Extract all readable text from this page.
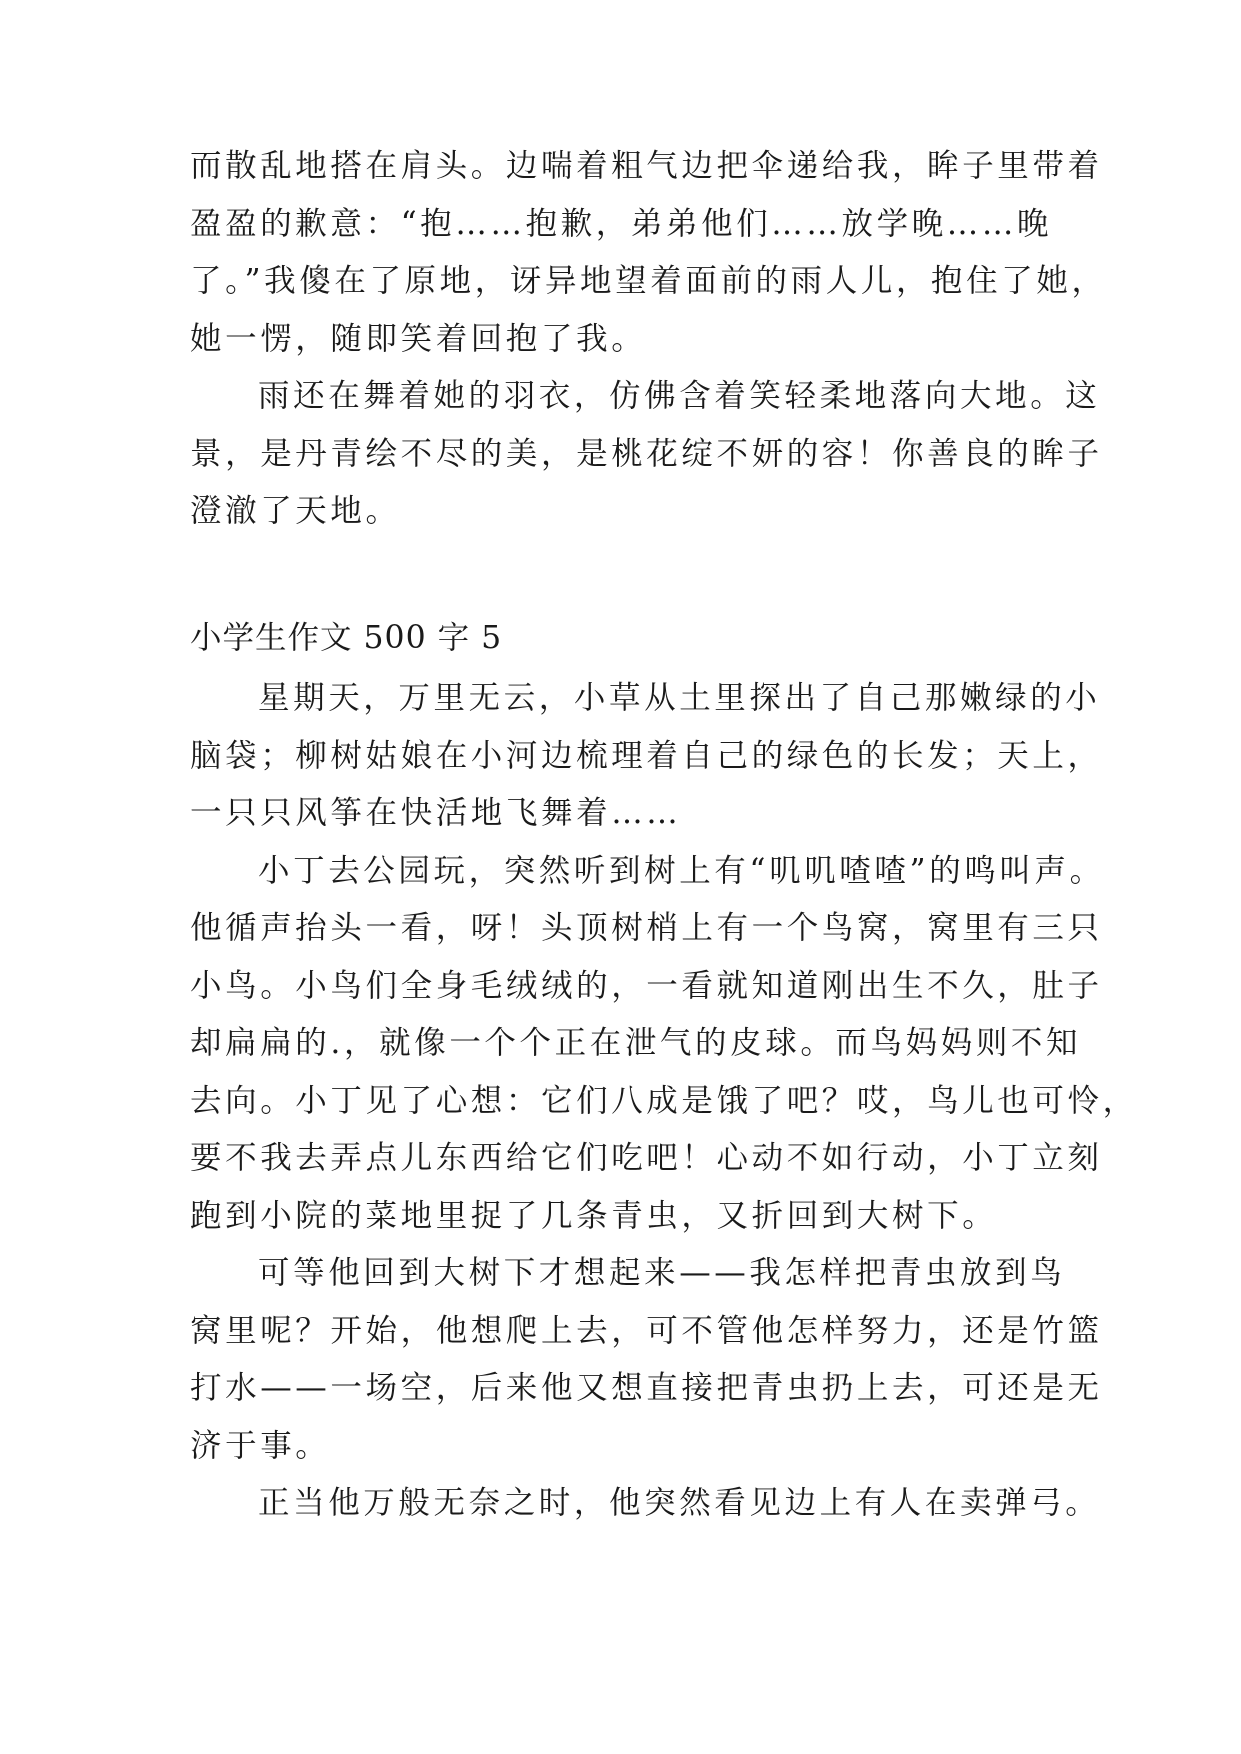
而散乱地搭在肩头。边喘着粗气边把伞递给我，眸子里带着
盈盈的歉意：“抱……抱歉，弟弟他们……放学晚……晚
了。”我傻在了原地，讶异地望着面前的雨人儿，抱住了她，
她一愣，随即笑着回抱了我。
雨还在舞着她的羽衣，仿佛含着笑轻柔地落向大地。这
景，是丹青绘不尽的美，是桃花绽不妍的容！你善良的眸子
澄澈了天地。
小学生作文 500 字 5
星期天，万里无云，小草从土里探出了自己那嫩绿的小
脑袋；柳树姑娘在小河边梳理着自己的绿色的长发；天上，
一只只风筝在快活地飞舞着……
小丁去公园玩，突然听到树上有“叽叽喳喳”的鸣叫声。
他循声抬头一看，呀！头顶树梢上有一个鸟窝，窝里有三只
小鸟。小鸟们全身毛绒绒的，一看就知道刚出生不久，肚子
却扁扁的.，就像一个个正在泄气的皮球。而鸟妈妈则不知
去向。小丁见了心想：它们八成是饿了吧？哎，鸟儿也可怜，
要不我去弄点儿东西给它们吃吧！心动不如行动，小丁立刻
跑到小院的菜地里捉了几条青虫，又折回到大树下。
可等他回到大树下才想起来——我怎样把青虫放到鸟
窝里呢？开始，他想爬上去，可不管他怎样努力，还是竹篮
打水——一场空，后来他又想直接把青虫扔上去，可还是无
济于事。
正当他万般无奈之时，他突然看见边上有人在卖弹弓。
